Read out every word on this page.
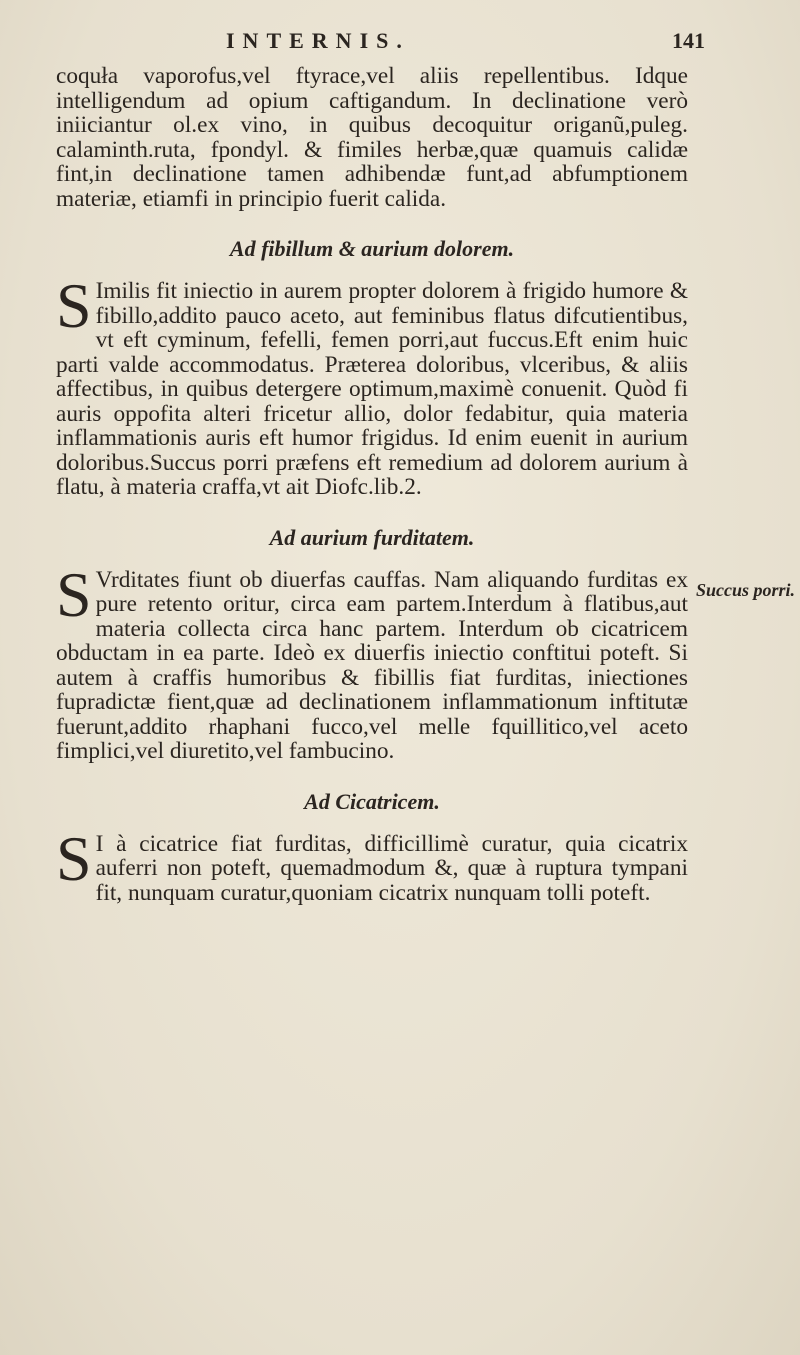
INTERNIS.	141

coquła vaporofus,vel ftyrace,vel aliis repellentibus. Idque intelligendum ad opium caftigandum. In declinatione verò iniiciantur ol.ex vino, in quibus decoquitur origanũ,puleg. calaminth.ruta, fpondyl. & fimiles herbæ,quæ quamuis calidæ fint,in declinatione tamen adhibendæ funt,ad abfumptionem materiæ, etiamfi in principio fuerit calida.

Ad fibillum & aurium dolorem.

SImilis fit iniectio in aurem propter dolorem à frigido humore & fibillo,addito pauco aceto, aut feminibus flatus difcutientibus, vt eft cyminum, fefelli, femen porri,aut fuccus.Eft enim huic parti valde accommodatus. Præterea doloribus, vlceribus, & aliis affectibus, in quibus detergere optimum,maximè conuenit. Quòd fi auris oppofita alteri fricetur allio, dolor fedabitur, quia materia inflammationis auris eft humor frigidus. Id enim euenit in aurium doloribus.Succus porri præfens eft remedium ad dolorem aurium à flatu, à materia craffa,vt ait Diofc.lib.2.

Ad aurium furditatem.

SVrditates fiunt ob diuerfas cauffas. Nam aliquando furditas ex pure retento oritur, circa eam partem.Interdum à flatibus,aut materia collecta circa hanc partem. Interdum ob cicatricem obductam in ea parte. Ideò ex diuerfis iniectio conftitui poteft. Si autem à craffis humoribus & fibillis fiat furditas, iniectiones fupradictæ fient,quæ ad declinationem inflammationum inftitutæ fuerunt,addito rhaphani fucco,vel melle fquillitico,vel aceto fimplici,vel diuretito,vel fambucino.

Ad Cicatricem.

SI à cicatrice fiat furditas, difficillimè curatur, quia cicatrix auferri non poteft, quemadmodum &, quæ à ruptura tympani fit, nunquam curatur,quoniam cicatrix nunquam tolli poteft.

Succus porri.
